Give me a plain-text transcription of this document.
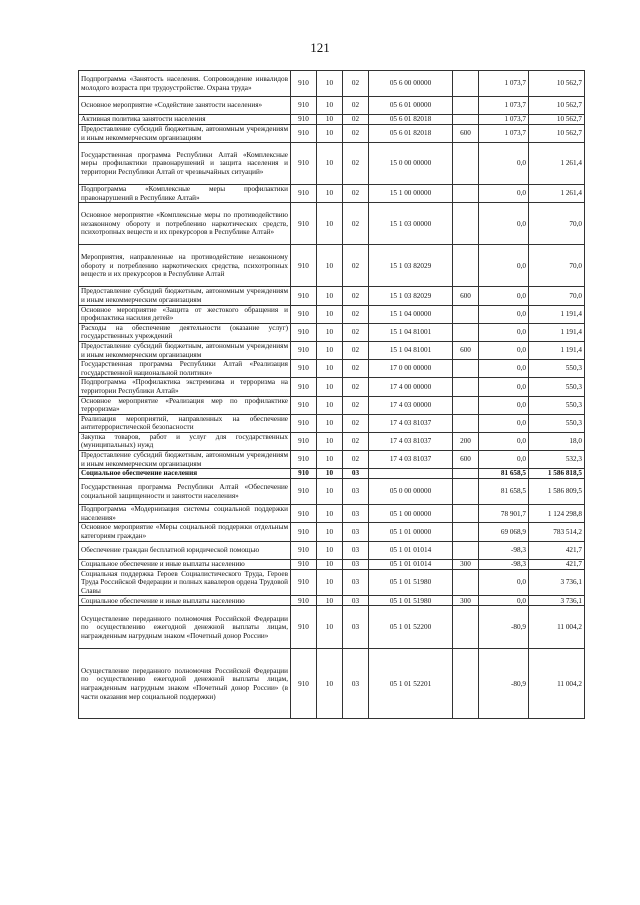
121
Подпрограмма «Занятость населения. Сопровождение инвалидов молодого возраста при трудоустройстве. Охрана труда»	910	10	02	05 6 00 00000		1 073,7	10 562,7
Основное мероприятие «Содействие занятости населения»	910	10	02	05 6 01 00000		1 073,7	10 562,7
Активная политика занятости населения	910	10	02	05 6 01 82018		1 073,7	10 562,7
Предоставление субсидий бюджетным, автономным учреждениям и иным некоммерческим организациям	910	10	02	05 6 01 82018	600	1 073,7	10 562,7
Государственная программа Республики Алтай «Комплексные меры профилактики правонарушений и защита населения и территории Республики Алтай от чрезвычайных ситуаций»	910	10	02	15 0 00 00000		0,0	1 261,4
Подпрограмма «Комплексные меры профилактики правонарушений в Республике Алтай»	910	10	02	15 1 00 00000		0,0	1 261,4
Основное мероприятие «Комплексные меры по противодействию незаконному обороту и потреблению наркотических средств, психотропных веществ и их прекурсоров в Республике Алтай»	910	10	02	15 1 03 00000		0,0	70,0
Мероприятия, направленные на противодействие незаконному обороту и потреблению наркотических средства, психотропных веществ и их прекурсоров в Республике Алтай	910	10	02	15 1 03 82029		0,0	70,0
Предоставление субсидий бюджетным, автономным учреждениям и иным некоммерческим организациям	910	10	02	15 1 03 82029	600	0,0	70,0
Основное мероприятие «Защита от жестокого обращения и профилактика насилия детей»	910	10	02	15 1 04 00000		0,0	1 191,4
Расходы на обеспечение деятельности (оказание услуг) государственных учреждений	910	10	02	15 1 04 81001		0,0	1 191,4
Предоставление субсидий бюджетным, автономным учреждениям и иным некоммерческим организациям	910	10	02	15 1 04 81001	600	0,0	1 191,4
Государственная программа Республики Алтай «Реализация государственной национальной политики»	910	10	02	17 0 00 00000		0,0	550,3
Подпрограмма «Профилактика экстремизма и терроризма на территории Республики Алтай»	910	10	02	17 4 00 00000		0,0	550,3
Основное мероприятие «Реализация мер по профилактике терроризма»	910	10	02	17 4 03 00000		0,0	550,3
Реализация мероприятий, направленных на обеспечение антитеррористической безопасности	910	10	02	17 4 03 81037		0,0	550,3
Закупка товаров, работ и услуг для государственных (муниципальных) нужд	910	10	02	17 4 03 81037	200	0,0	18,0
Предоставление субсидий бюджетным, автономным учреждениям и иным некоммерческим организациям	910	10	02	17 4 03 81037	600	0,0	532,3
Социальное обеспечение населения	910	10	03			81 658,5	1 586 818,5
Государственная программа Республики Алтай «Обеспечение социальной защищенности и занятости населения»	910	10	03	05 0 00 00000		81 658,5	1 586 809,5
Подпрограмма «Модернизация системы социальной поддержки населения»	910	10	03	05 1 00 00000		78 901,7	1 124 298,8
Основное мероприятие «Меры социальной поддержки отдельным категориям граждан»	910	10	03	05 1 01 00000		69 068,9	783 514,2
Обеспечение граждан бесплатной юридической помощью	910	10	03	05 1 01 01014		-98,3	421,7
Социальное обеспечение и иные выплаты населению	910	10	03	05 1 01 01014	300	-98,3	421,7
Социальная поддержка Героев Социалистического Труда, Героев Труда Российской Федерации и полных кавалеров ордена Трудовой Славы	910	10	03	05 1 01 51980		0,0	3 736,1
Социальное обеспечение и иные выплаты населению	910	10	03	05 1 01 51980	300	0,0	3 736,1
Осуществление переданного полномочия Российской Федерации по осуществлению ежегодной денежной выплаты лицам, награжденным нагрудным знаком «Почетный донор России»	910	10	03	05 1 01 52200		-80,9	11 004,2
Осуществление переданного полномочия Российской Федерации по осуществлению ежегодной денежной выплаты лицам, награжденным нагрудным знаком «Почетный донор России» (в части оказания мер социальной поддержки)	910	10	03	05 1 01 52201		-80,9	11 004,2
